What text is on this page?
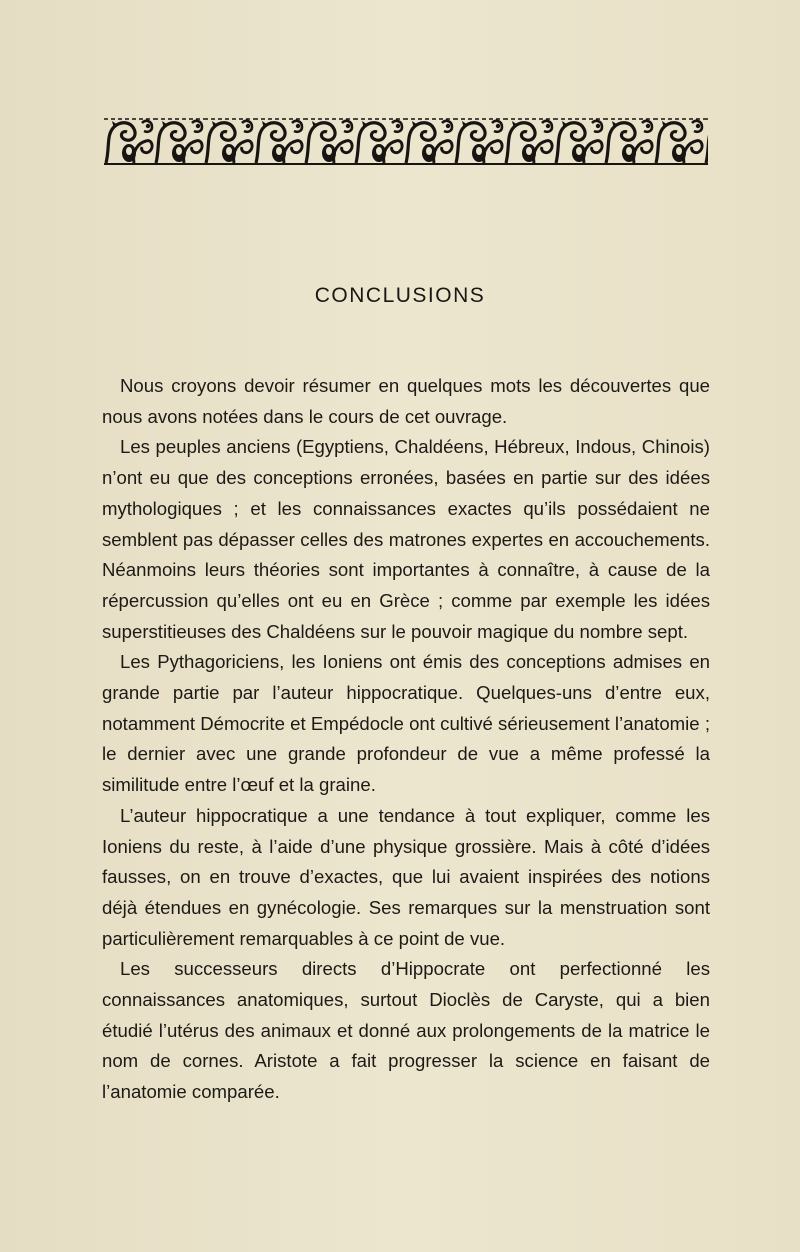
CONCLUSIONS

Nous croyons devoir résumer en quelques mots les découvertes que nous avons notées dans le cours de cet ouvrage.

Les peuples anciens (Egyptiens, Chaldéens, Hébreux, Indous, Chinois) n’ont eu que des conceptions erronées, basées en partie sur des idées mythologiques ; et les connaissances exactes qu’ils possédaient ne semblent pas dépasser celles des matrones expertes en accouchements. Néanmoins leurs théories sont importantes à connaître, à cause de la répercussion qu’elles ont eu en Grèce ; comme par exemple les idées superstitieuses des Chaldéens sur le pouvoir magique du nombre sept.

Les Pythagoriciens, les Ioniens ont émis des conceptions admises en grande partie par l’auteur hippocratique. Quelques-uns d’entre eux, notamment Démocrite et Empédocle ont cultivé sérieusement l’anatomie ; le dernier avec une grande profondeur de vue a même professé la similitude entre l’œuf et la graine.

L’auteur hippocratique a une tendance à tout expliquer, comme les Ioniens du reste, à l’aide d’une physique grossière. Mais à côté d’idées fausses, on en trouve d’exactes, que lui avaient inspirées des notions déjà étendues en gynécologie. Ses remarques sur la menstruation sont particulièrement remarquables à ce point de vue.

Les successeurs directs d’Hippocrate ont perfectionné les connaissances anatomiques, surtout Dioclès de Caryste, qui a bien étudié l’utérus des animaux et donné aux prolongements de la matrice le nom de cornes. Aristote a fait progresser la science en faisant de l’anatomie comparée.
